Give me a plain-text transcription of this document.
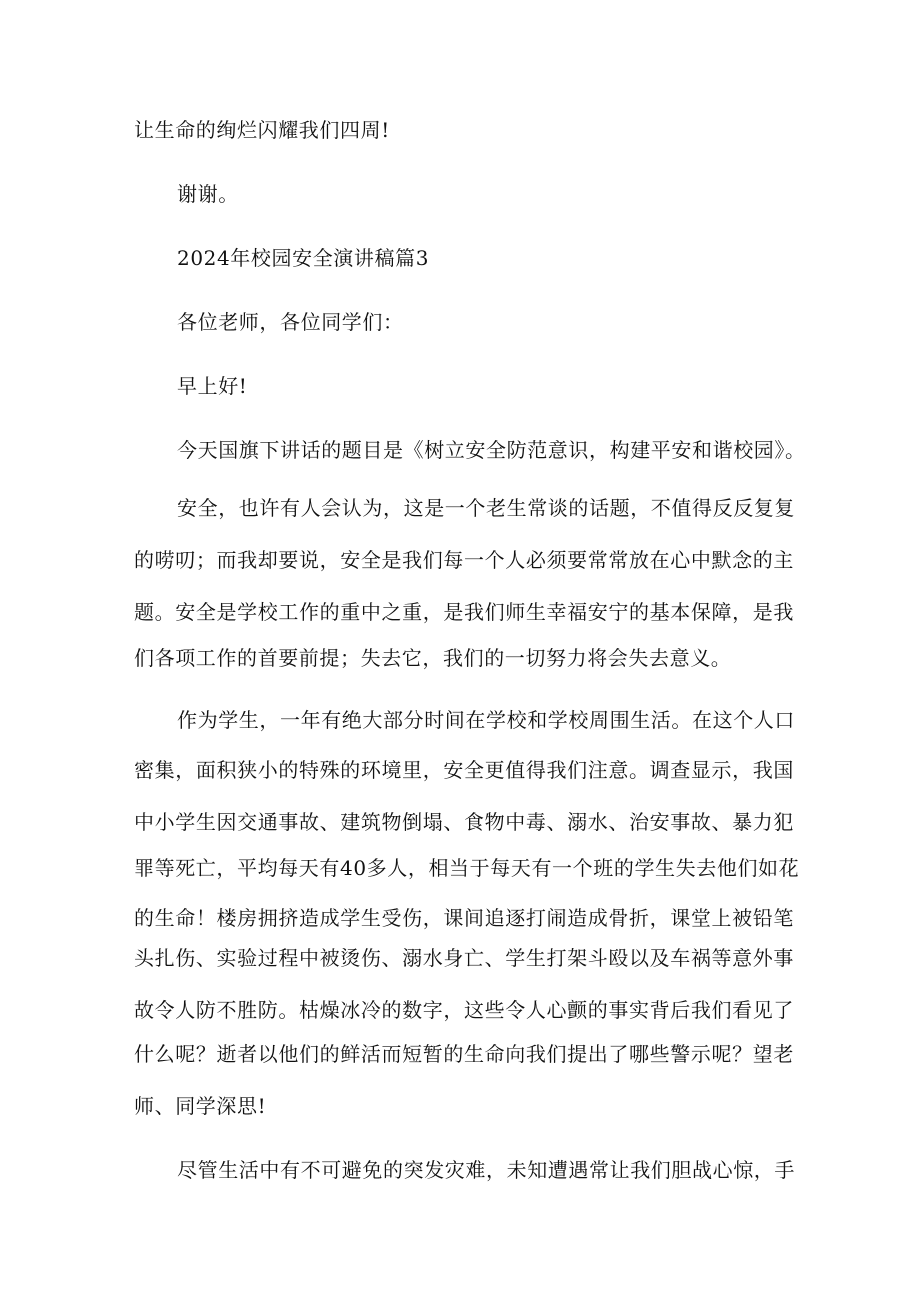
让生命的绚烂闪耀我们四周!
谢谢。
2024年校园安全演讲稿篇3
各位老师，各位同学们：
早上好!
今天国旗下讲话的题目是《树立安全防范意识，构建平安和谐校园》。
安全，也许有人会认为，这是一个老生常谈的话题，不值得反反复复
的唠叨；而我却要说，安全是我们每一个人必须要常常放在心中默念的主
题。安全是学校工作的重中之重，是我们师生幸福安宁的基本保障，是我
们各项工作的首要前提；失去它，我们的一切努力将会失去意义。
作为学生，一年有绝大部分时间在学校和学校周围生活。在这个人口
密集，面积狭小的特殊的环境里，安全更值得我们注意。调查显示，我国
中小学生因交通事故、建筑物倒塌、食物中毒、溺水、治安事故、暴力犯
罪等死亡，平均每天有40多人，相当于每天有一个班的学生失去他们如花
的生命！楼房拥挤造成学生受伤，课间追逐打闹造成骨折，课堂上被铅笔
头扎伤、实验过程中被烫伤、溺水身亡、学生打架斗殴以及车祸等意外事
故令人防不胜防。枯燥冰冷的数字，这些令人心颤的事实背后我们看见了
什么呢？逝者以他们的鲜活而短暂的生命向我们提出了哪些警示呢？望老
师、同学深思!
尽管生活中有不可避免的突发灾难，未知遭遇常让我们胆战心惊，手
